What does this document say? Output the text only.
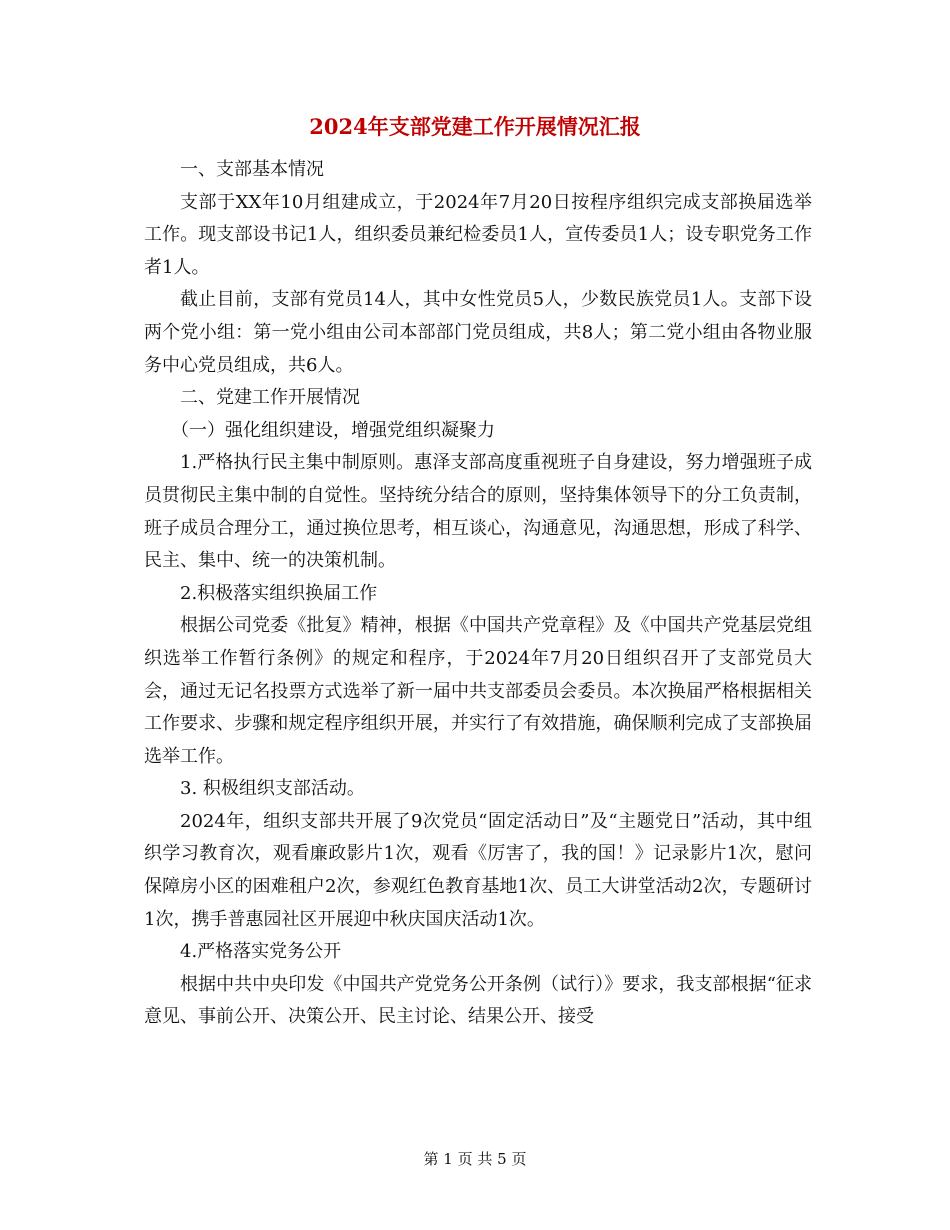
2024年支部党建工作开展情况汇报

一、支部基本情况

支部于XX年10月组建成立，于2024年7月20日按程序组织完成支部换届选举工作。现支部设书记1人，组织委员兼纪检委员1人，宣传委员1人；设专职党务工作者1人。

截止目前，支部有党员14人，其中女性党员5人，少数民族党员1人。支部下设两个党小组：第一党小组由公司本部部门党员组成，共8人；第二党小组由各物业服务中心党员组成，共6人。

二、党建工作开展情况

（一）强化组织建设，增强党组织凝聚力

1.严格执行民主集中制原则。惠泽支部高度重视班子自身建设，努力增强班子成员贯彻民主集中制的自觉性。坚持统分结合的原则，坚持集体领导下的分工负责制，班子成员合理分工，通过换位思考，相互谈心，沟通意见，沟通思想，形成了科学、民主、集中、统一的决策机制。

2.积极落实组织换届工作

根据公司党委《批复》精神，根据《中国共产党章程》及《中国共产党基层党组织选举工作暂行条例》的规定和程序，于2024年7月20日组织召开了支部党员大会，通过无记名投票方式选举了新一届中共支部委员会委员。本次换届严格根据相关工作要求、步骤和规定程序组织开展，并实行了有效措施，确保顺利完成了支部换届选举工作。

3. 积极组织支部活动。

2024年，组织支部共开展了9次党员“固定活动日”及“主题党日”活动，其中组织学习教育次，观看廉政影片1次，观看《厉害了，我的国！》记录影片1次，慰问保障房小区的困难租户2次，参观红色教育基地1次、员工大讲堂活动2次，专题研讨1次，携手普惠园社区开展迎中秋庆国庆活动1次。

4.严格落实党务公开

根据中共中央印发《中国共产党党务公开条例（试行）》要求，我支部根据“征求意见、事前公开、决策公开、民主讨论、结果公开、接受

第 1 页 共 5 页
